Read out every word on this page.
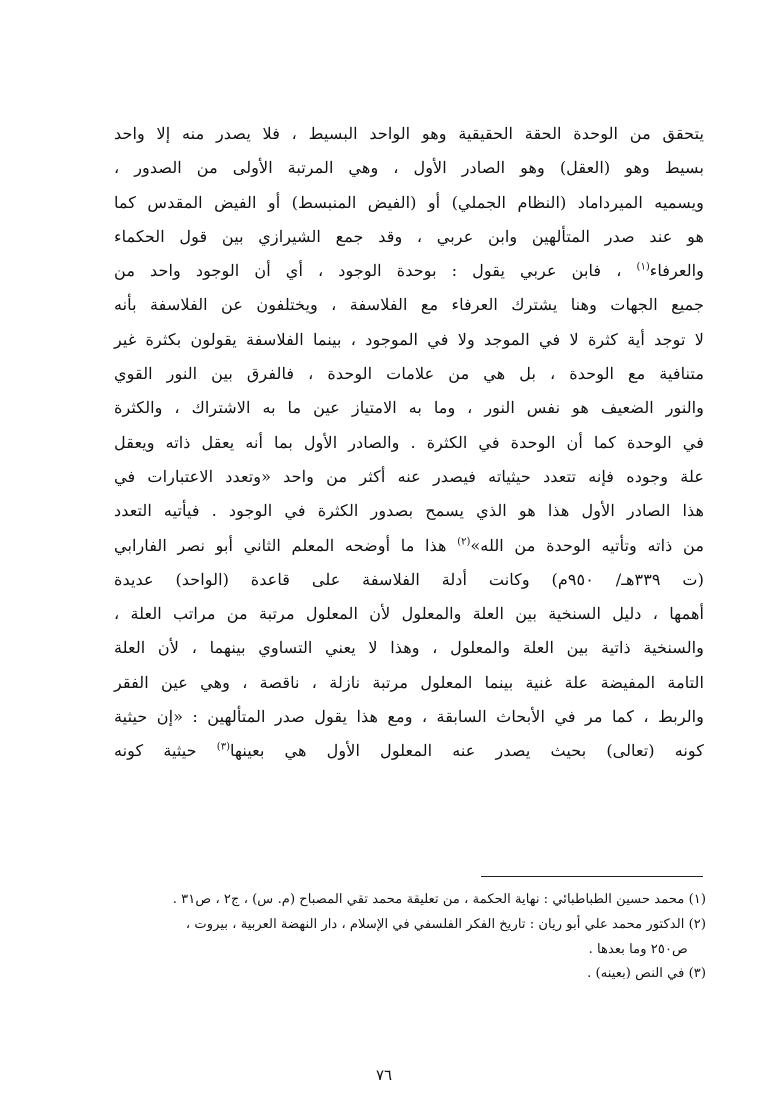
يتحقق من الوحدة الحقة الحقيقية وهو الواحد البسيط ، فلا يصدر منه إلا واحد
بسيط وهو (العقل) وهو الصادر الأول ، وهي المرتبة الأولى من الصدور ،
ويسميه الميرداماد (النظام الجملي) أو (الفيض المنبسط) أو الفيض المقدس كما
هو عند صدر المتألهين وابن عربي ، وقد جمع الشيرازي بين قول الحكماء
والعرفاء$^{(١)}$ ، فابن عربي يقول : بوحدة الوجود ، أي أن الوجود واحد من
جميع الجهات وهنا يشترك العرفاء مع الفلاسفة ، ويختلفون عن الفلاسفة بأنه
لا توجد أية كثرة لا في الموجد ولا في الموجود ، بينما الفلاسفة يقولون بكثرة غير
متنافية مع الوحدة ، بل هي من علامات الوحدة ، فالفرق بين النور القوي
والنور الضعيف هو نفس النور ، وما به الامتياز عين ما به الاشتراك ، والكثرة
في الوحدة كما أن الوحدة في الكثرة . والصادر الأول بما أنه يعقل ذاته ويعقل
علة وجوده فإنه تتعدد حيثياته فيصدر عنه أكثر من واحد «وتعدد الاعتبارات في
هذا الصادر الأول هذا هو الذي يسمح بصدور الكثرة في الوجود . فيأتيه التعدد
من ذاته وتأتيه الوحدة من الله»$^{(٢)}$ هذا ما أوضحه المعلم الثاني أبو نصر الفارابي
(ت ٣٣٩هـ/ ٩٥٠م) وكانت أدلة الفلاسفة على قاعدة (الواحد) عديدة
أهمها ، دليل السنخية بين العلة والمعلول لأن المعلول مرتبة من مراتب العلة ،
والسنخية ذاتية بين العلة والمعلول ، وهذا لا يعني التساوي بينهما ، لأن العلة
التامة المفيضة علة غنية بينما المعلول مرتبة نازلة ، ناقصة ، وهي عين الفقر
والربط ، كما مر في الأبحاث السابقة ، ومع هذا يقول صدر المتألهين : «إن حيثية
كونه (تعالى) بحيث يصدر عنه المعلول الأول هي بعينها$^{(٣)}$ حيثية كونه
(١) محمد حسين الطباطبائي : نهاية الحكمة ، من تعليقة محمد تقي المصباح (م. س) ، ج٢ ، ص٣١ .
(٢) الدكتور محمد علي أبو ريان : تاريخ الفكر الفلسفي في الإسلام ، دار النهضة العربية ، بيروت ،
ص٢٥٠ وما بعدها .
(٣) في النص (بعينه) .
٧٦
